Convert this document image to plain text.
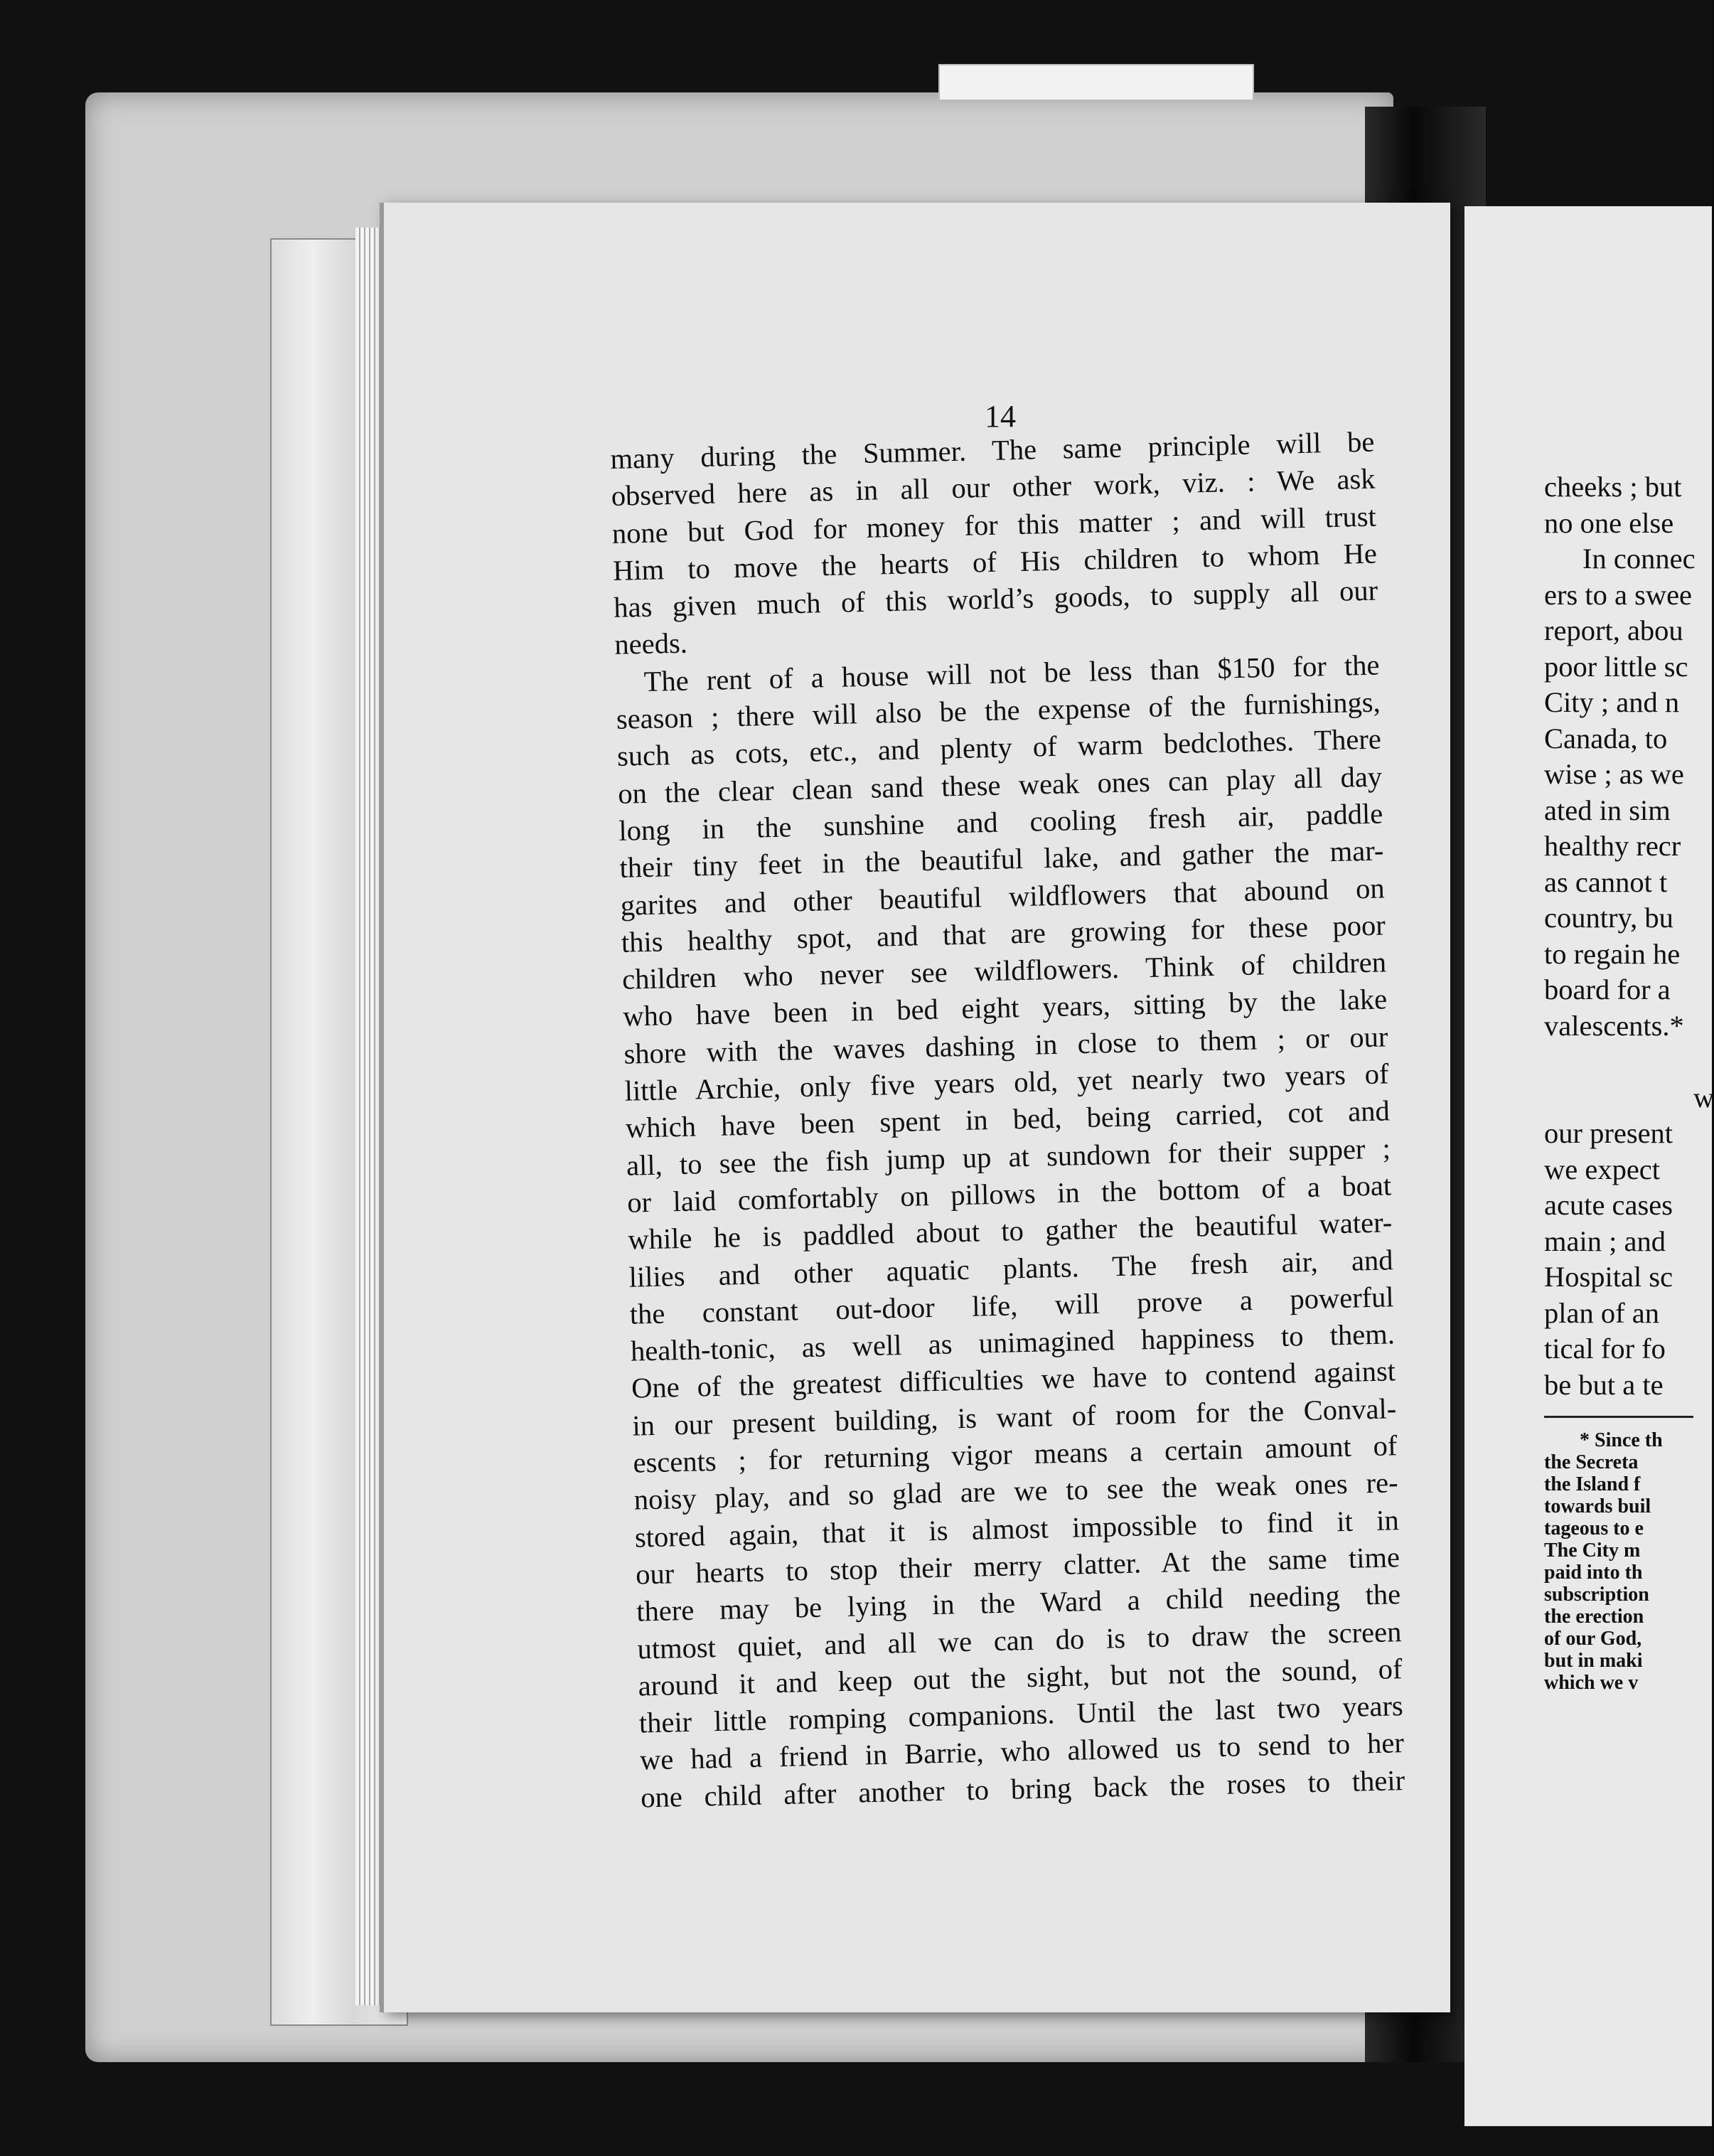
14
many during the Summer. The same principle will be
observed here as in all our other work, viz. : We ask
none but God for money for this matter ; and will trust
Him to move the hearts of His children to whom He
has given much of this world’s goods, to supply all our
needs.
The rent of a house will not be less than $150 for the
season ; there will also be the expense of the furnishings,
such as cots, etc., and plenty of warm bedclothes. There
on the clear clean sand these weak ones can play all day
long in the sunshine and cooling fresh air, paddle
their tiny feet in the beautiful lake, and gather the mar-
garites and other beautiful wildflowers that abound on
this healthy spot, and that are growing for these poor
children who never see wildflowers. Think of children
who have been in bed eight years, sitting by the lake
shore with the waves dashing in close to them ; or our
little Archie, only five years old, yet nearly two years of
which have been spent in bed, being carried, cot and
all, to see the fish jump up at sundown for their supper ;
or laid comfortably on pillows in the bottom of a boat
while he is paddled about to gather the beautiful water-
lilies and other aquatic plants. The fresh air, and
the constant out-door life, will prove a powerful
health-tonic, as well as unimagined happiness to them.
One of the greatest difficulties we have to contend against
in our present building, is want of room for the Conval-
escents ; for returning vigor means a certain amount of
noisy play, and so glad are we to see the weak ones re-
stored again, that it is almost impossible to find it in
our hearts to stop their merry clatter. At the same time
there may be lying in the Ward a child needing the
utmost quiet, and all we can do is to draw the screen
around it and keep out the sight, but not the sound, of
their little romping companions. Until the last two years
we had a friend in Barrie, who allowed us to send to her
one child after another to bring back the roses to their
cheeks ; but
no one else
In connec
ers to a swee
report, abou
poor little sc
City ; and n
Canada, to
wise ; as we
ated in sim
healthy recr
as cannot t
country, bu
to regain he
board for a
valescents.*
w
our present
we expect
acute cases
main ; and
Hospital sc
plan of an
tical for fo
be but a te
* Since th
the Secreta
the Island f
towards buil
tageous to e
The City m
paid into th
subscription
the erection
of our God,
but in maki
which we v
